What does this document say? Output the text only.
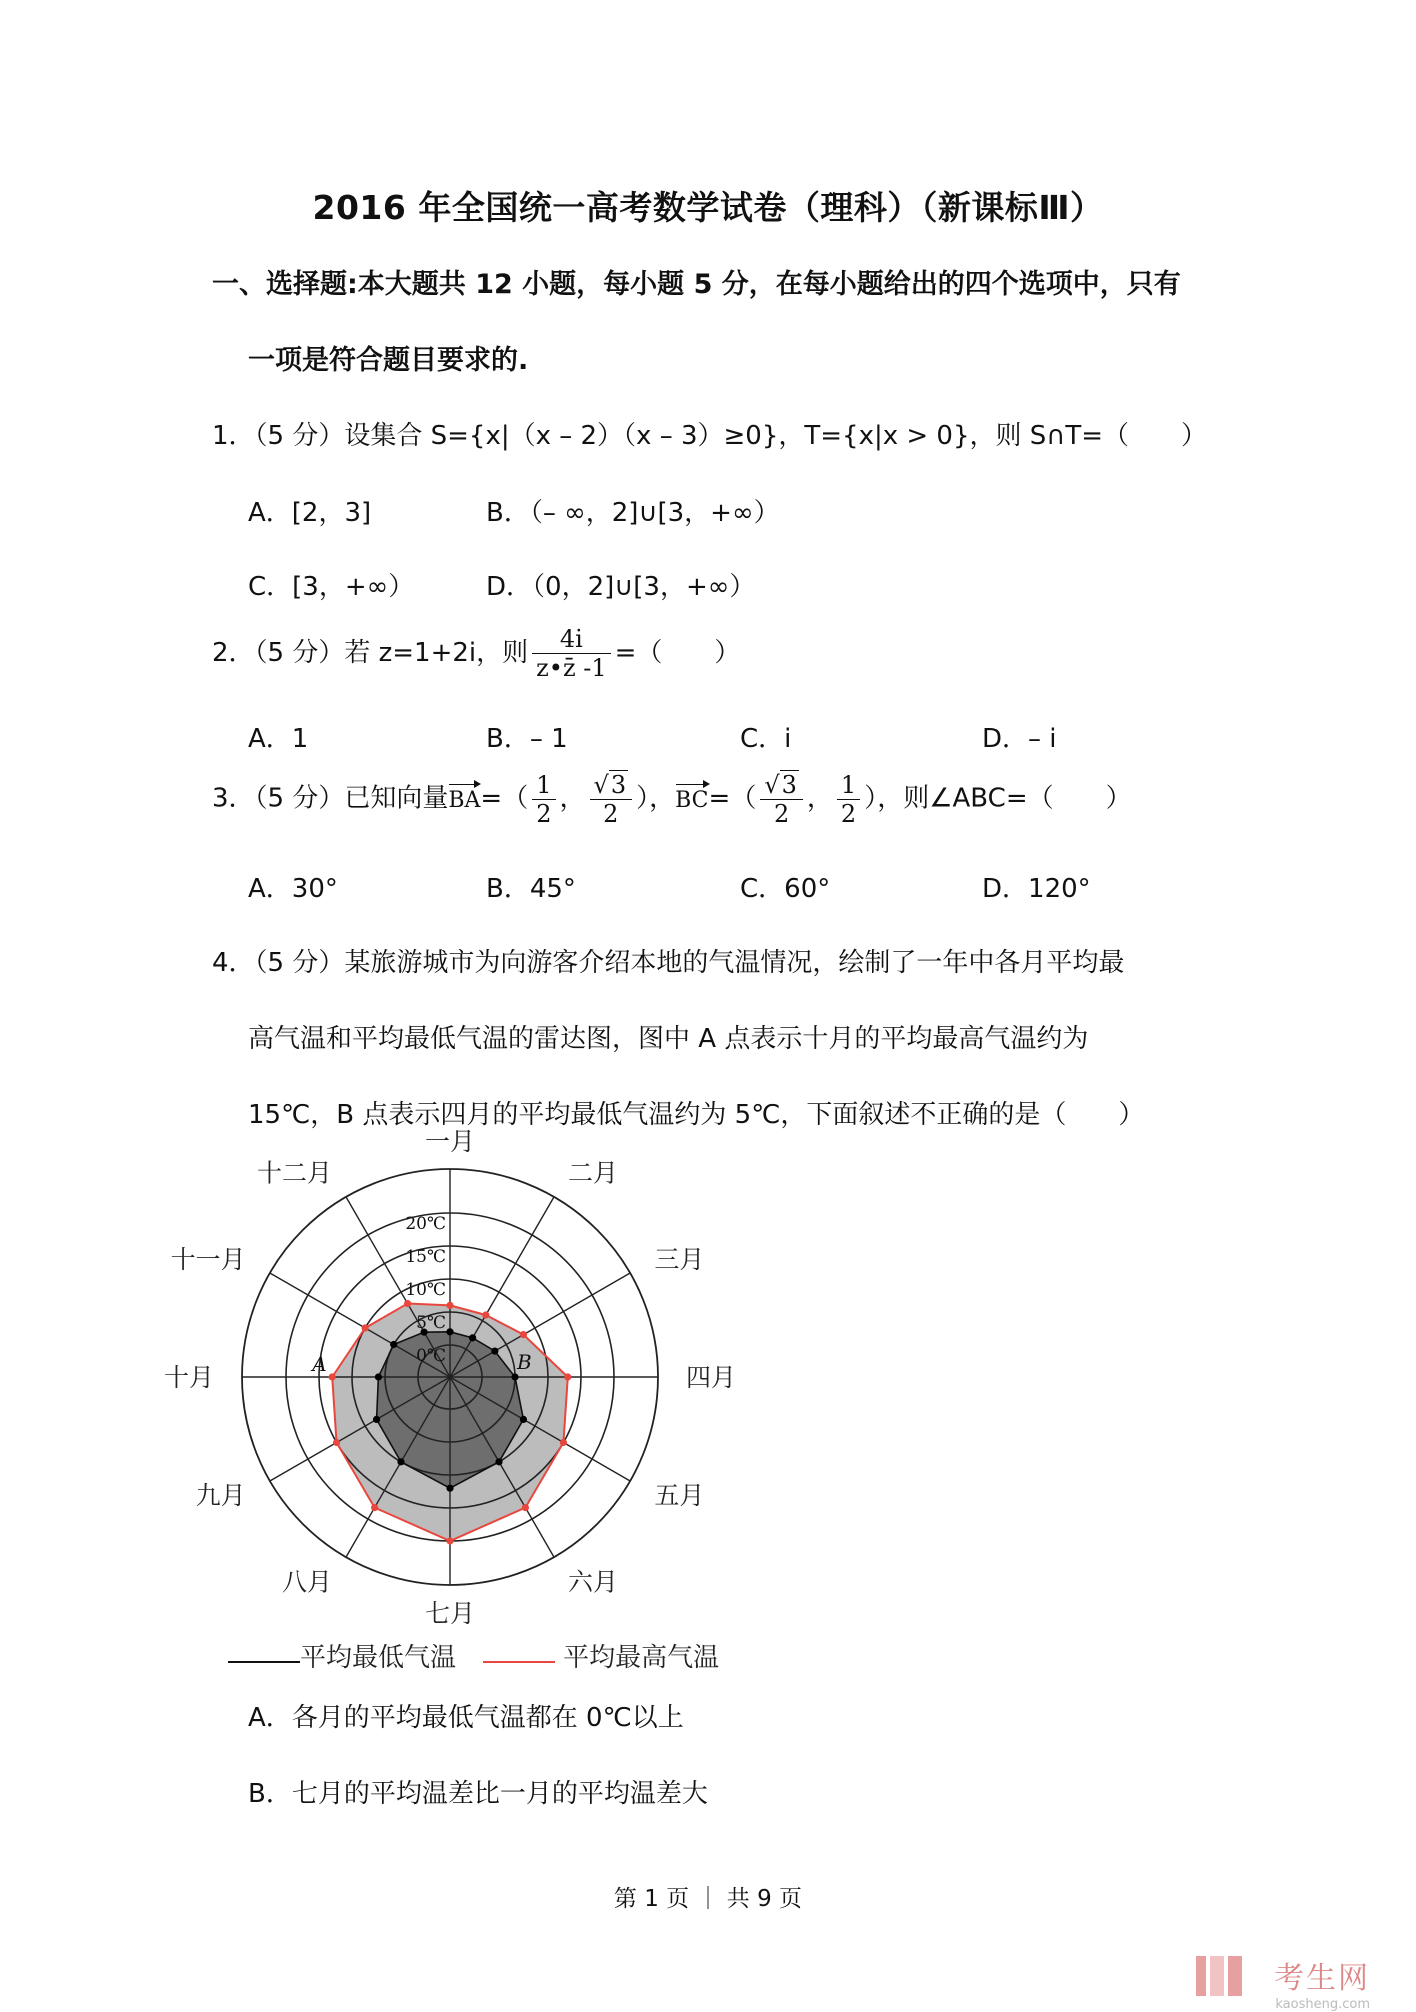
2016 年全国统一高考数学试卷（理科）（新课标Ⅲ）
一、选择题:本大题共 12 小题，每小题 5 分，在每小题给出的四个选项中，只有
一项是符合题目要求的.
1．（5 分）设集合 S={x|（x – 2）（x – 3）≥0}，T={x|x > 0}，则 S∩T=（　　）
A．[2，3]	B．（– ∞，2]∪[3，+∞）
C．[3，+∞）	D．（0，2]∪[3，+∞）
2．（5 分）若 z=1+2i，则 $\frac{4i}{z•z̄ -1}$ =（　　）
A．1	B．– 1	C．i	D．– i
3．（5 分）已知向量$BA=( \frac{1}{2}$ ， $\frac{√3}{2}$ ），$BC=( \frac{√3}{2}$ ， $\frac{1}{2}$ ），则∠ABC=（　　）
A．30°	B．45°	C．60°	D．120°
4．（5 分）某旅游城市为向游客介绍本地的气温情况，绘制了一年中各月平均最
高气温和平均最低气温的雷达图，图中 A 点表示十月的平均最高气温约为
15℃，B 点表示四月的平均最低气温约为 5℃，下面叙述不正确的是（　　）
0℃
5℃
10℃
15℃
20℃
一月
二月
三月
四月
五月
六月
七月
八月
九月
十月
十一月
十二月
A	B
平均最低气温	平均最高气温
A．各月的平均最低气温都在 0℃以上
B．七月的平均温差比一月的平均温差大
第 1 页 ｜ 共 9 页
考生网
kaosheng.com
